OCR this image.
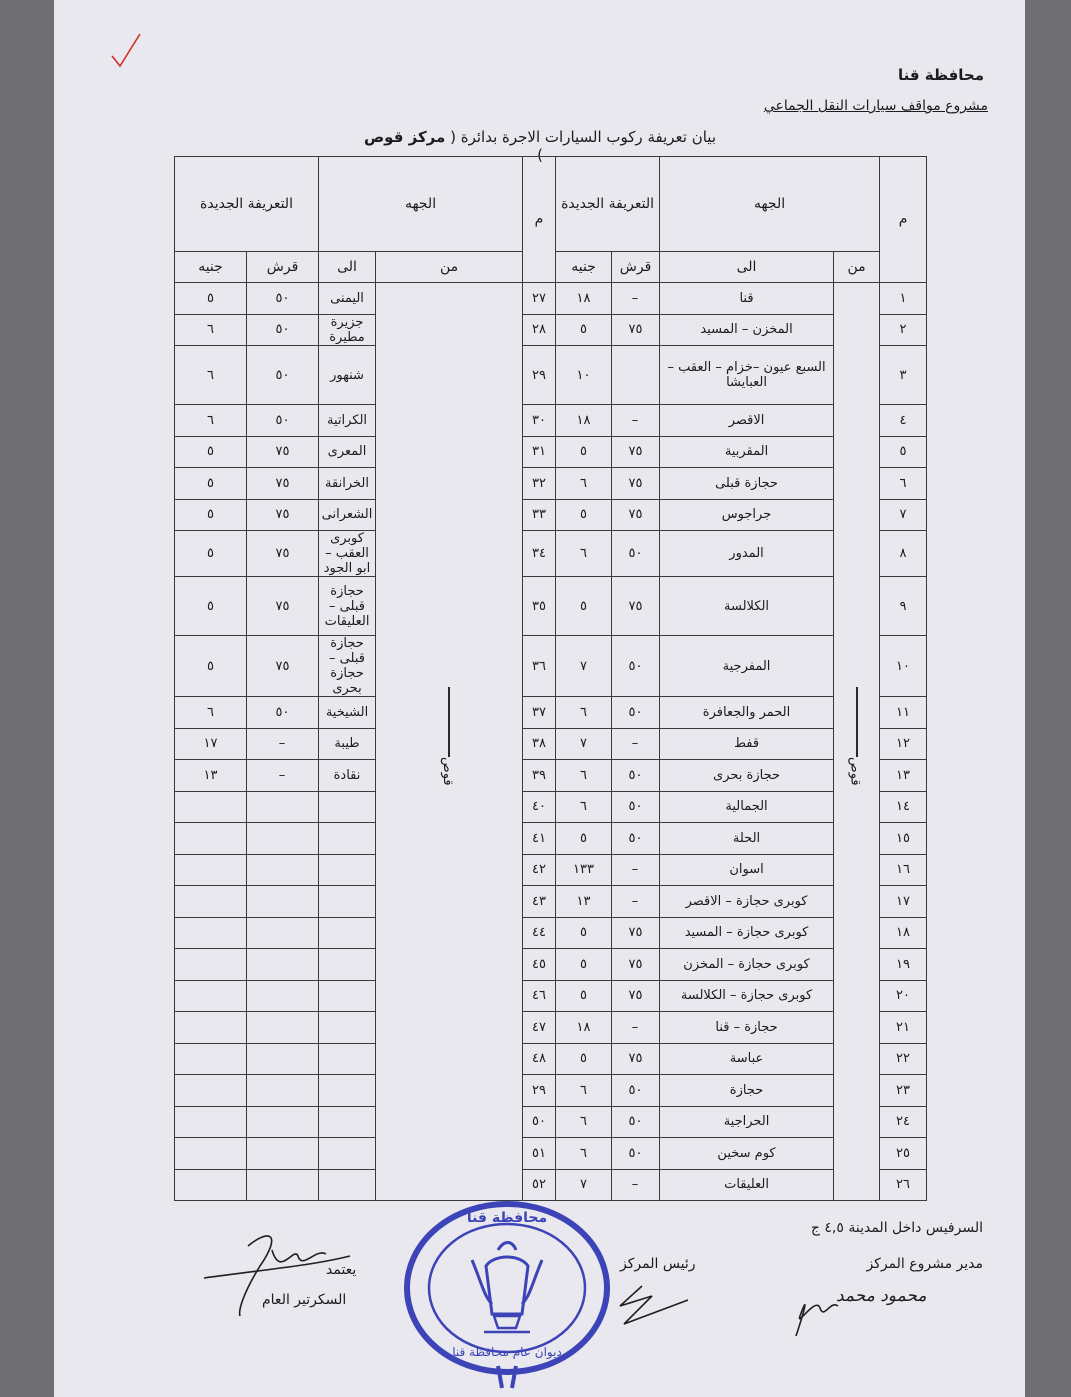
محافظة قنا
مشروع مواقف سيارات النقل الجماعي
بيان تعريفة ركوب السيارات الاجرة بدائرة ( مركز قوص )
م	الجهه		التعريفة الجديدة		م	الجهه		التعريفة الجديدة	
	من	الى	قرش	جنيه		من	الى	قرش	جنيه
١	قوص	قنا	–	١٨	٢٧	قوص	اليمنى	٥٠	٥
٢		المخزن – المسيد	٧٥	٥	٢٨		جزيرة مطيرة	٥٠	٦
٣		السبع عيون –خزام – العقب – العبايشا		١٠	٢٩		شنهور	٥٠	٦
٤		الاقصر	–	١٨	٣٠		الكراتية	٥٠	٦
٥		المقربية	٧٥	٥	٣١		المعرى	٧٥	٥
٦		حجازة قبلى	٧٥	٦	٣٢		الخرانقة	٧٥	٥
٧		جراجوس	٧٥	٥	٣٣		الشعرانى	٧٥	٥
٨		المدور	٥٠	٦	٣٤		كوبرى العقب – ابو الجود	٧٥	٥
٩		الكلالسة	٧٥	٥	٣٥		حجازة قبلى – العليقات	٧٥	٥
١٠		المفرجية	٥٠	٧	٣٦		حجازة قبلى – حجازة بحرى	٧٥	٥
١١		الحمر والجعافرة	٥٠	٦	٣٧		الشيخية	٥٠	٦
١٢		قفط	–	٧	٣٨		طيبة	–	١٧
١٣		حجازة بحرى	٥٠	٦	٣٩		نقادة	–	١٣
١٤		الجمالية	٥٠	٦	٤٠				
١٥		الحلة	٥٠	٥	٤١				
١٦		اسوان	–	١٣٣	٤٢				
١٧		كوبرى حجازة – الاقصر	–	١٣	٤٣				
١٨		كوبرى حجازة – المسيد	٧٥	٥	٤٤				
١٩		كوبرى حجازة – المخزن	٧٥	٥	٤٥				
٢٠		كوبرى حجازة – الكلالسة	٧٥	٥	٤٦				
٢١		حجازة – قنا	–	١٨	٤٧				
٢٢		عباسة	٧٥	٥	٤٨				
٢٣		حجازة	٥٠	٦	٢٩				
٢٤		الحراجية	٥٠	٦	٥٠				
٢٥		كوم سخين	٥٠	٦	٥١				
٢٦		العليقات	–	٧	٥٢				
السرفيس داخل المدينة ٤,٥ ج
مدير مشروع المركز
رئيس المركز
يعتمد
السكرتير العام	محمود محمد
محافظة قنا
ديوان عام محافظة قنا
